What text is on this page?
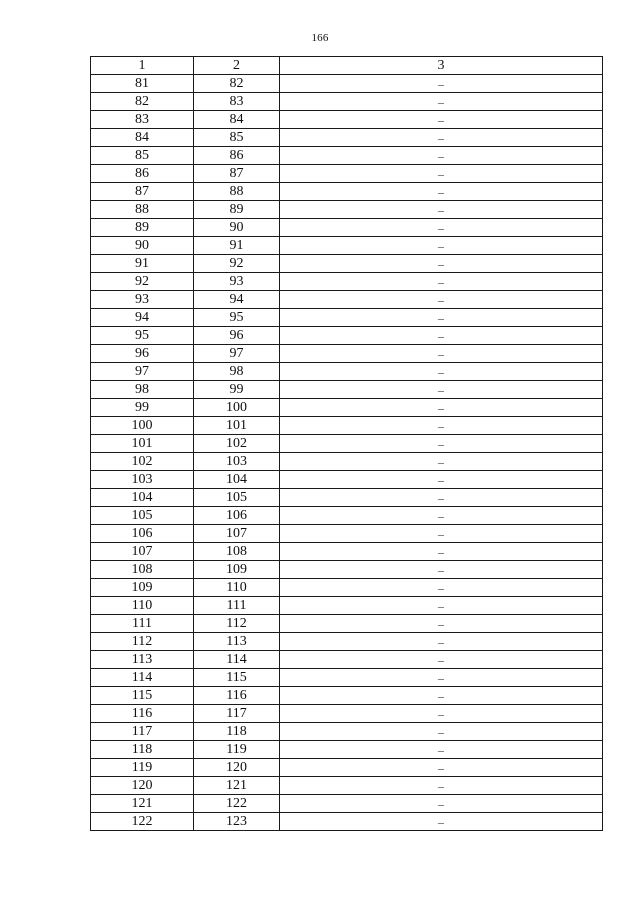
166
1	2	3
81	82	–
82	83	–
83	84	–
84	85	–
85	86	–
86	87	–
87	88	–
88	89	–
89	90	–
90	91	–
91	92	–
92	93	–
93	94	–
94	95	–
95	96	–
96	97	–
97	98	–
98	99	–
99	100	–
100	101	–
101	102	–
102	103	–
103	104	–
104	105	–
105	106	–
106	107	–
107	108	–
108	109	–
109	110	–
110	111	–
111	112	–
112	113	–
113	114	–
114	115	–
115	116	–
116	117	–
117	118	–
118	119	–
119	120	–
120	121	–
121	122	–
122	123	–
